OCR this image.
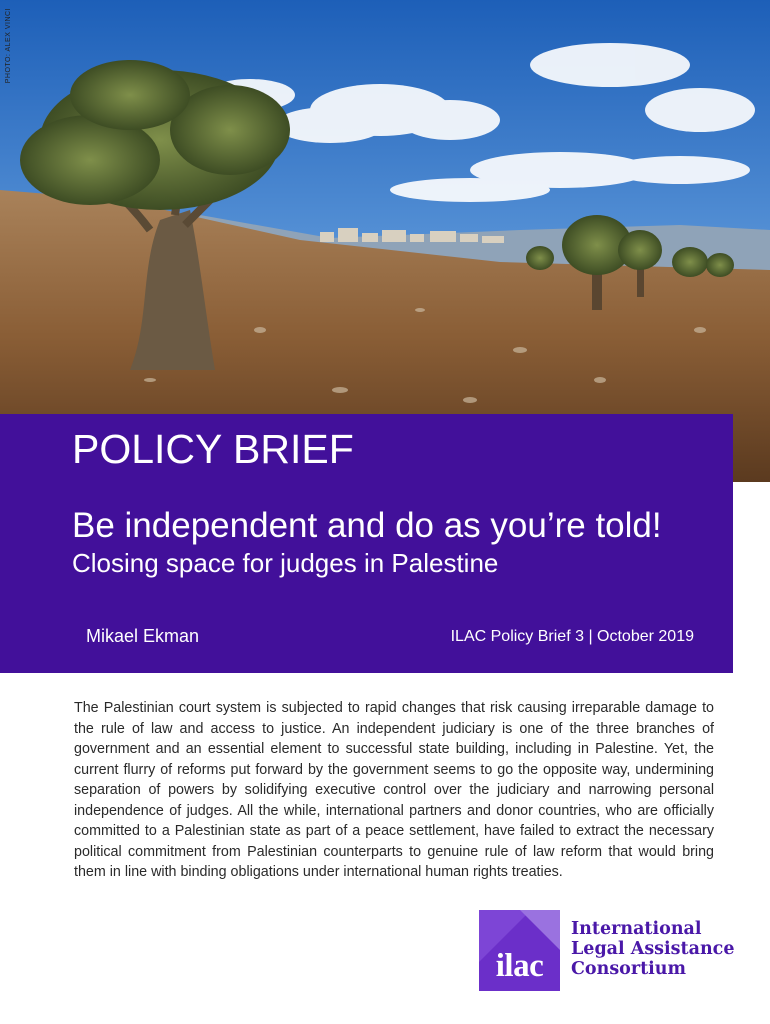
PHOTO: ALEX VINCI
POLICY BRIEF
Be independent and do as you’re told!
Closing space for judges in Palestine
Mikael Ekman	ILAC Policy Brief 3 | October 2019

The Palestinian court system is subjected to rapid changes that risk causing irreparable damage to the rule of law and access to justice. An independent judiciary is one of the three branches of government and an essential element to successful state building, including in Palestine. Yet, the current flurry of reforms put forward by the government seems to go the opposite way, undermining separation of powers by solidifying executive control over the judiciary and narrowing personal independence of judges. All the while, international partners and donor countries, who are officially committed to a Palestinian state as part of a peace settlement, have failed to extract the necessary political commitment from Palestinian counterparts to genuine rule of law reform that would bring them in line with binding obligations under international human rights treaties.

ilac
International
Legal Assistance
Consortium
